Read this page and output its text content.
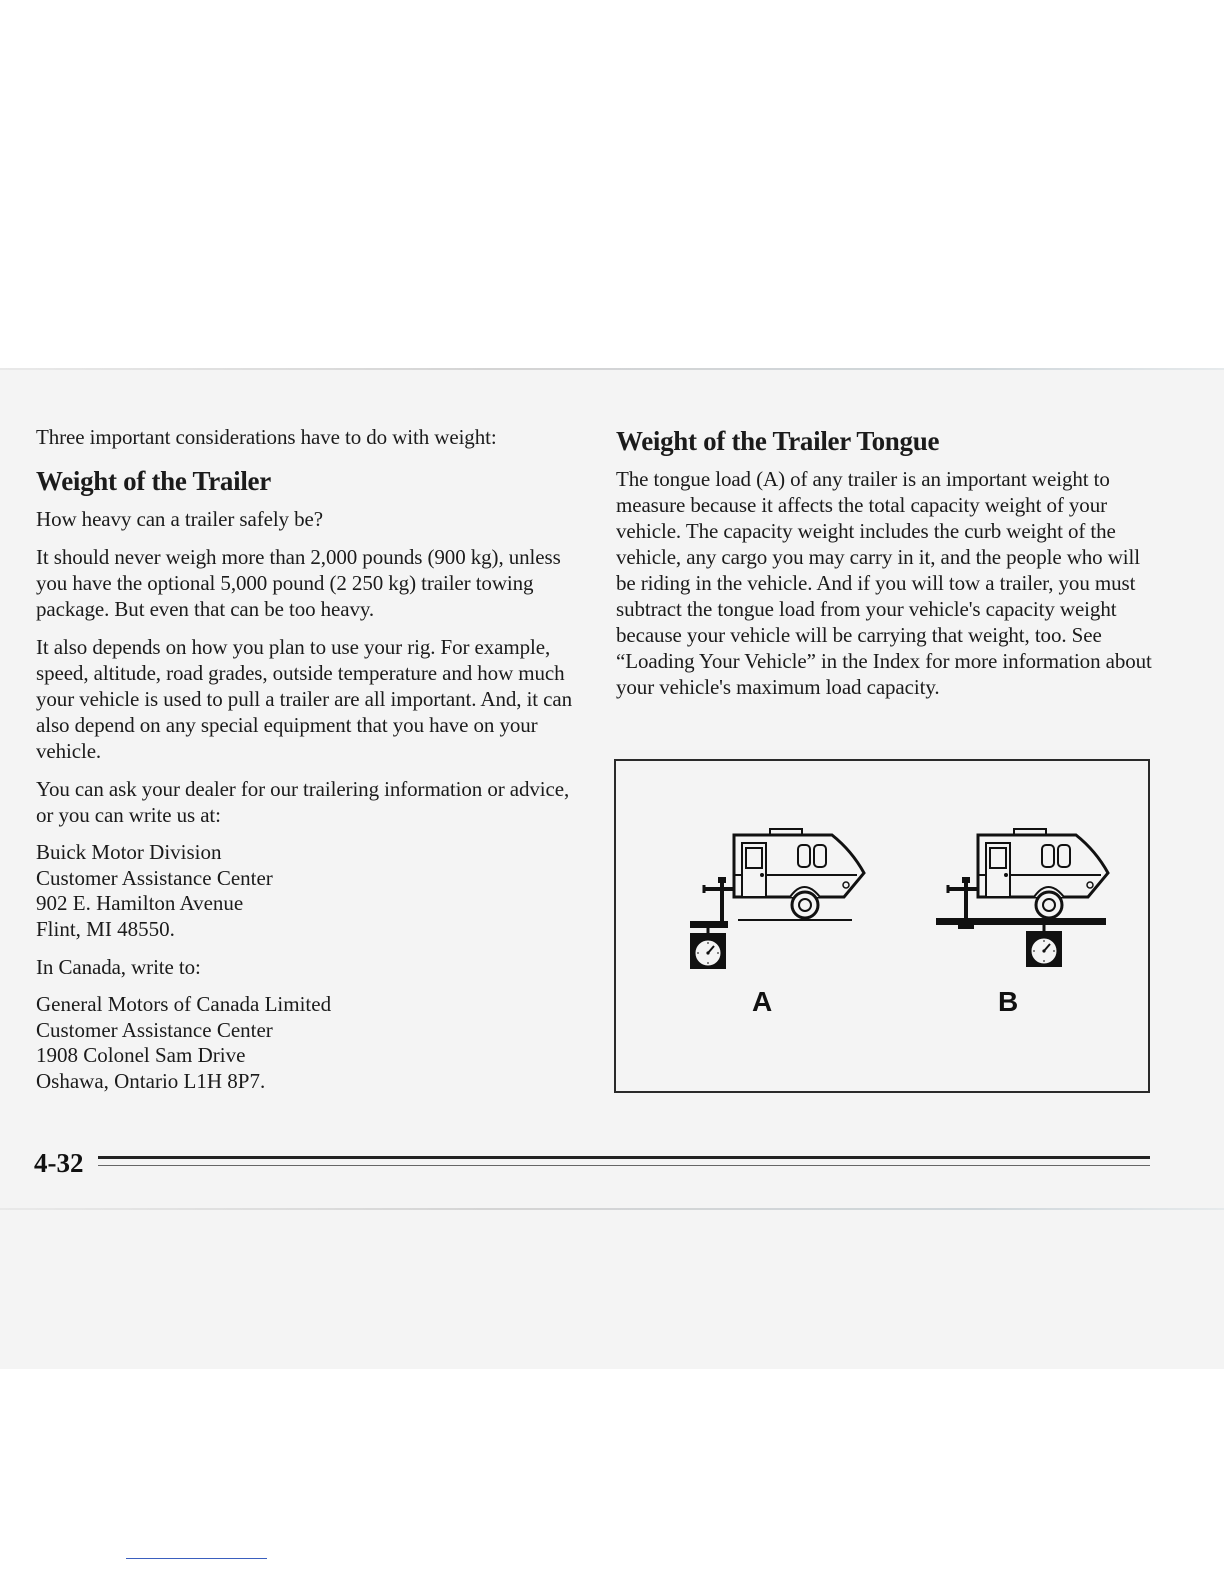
Three important considerations have to do with weight:

Weight of the Trailer

How heavy can a trailer safely be?

It should never weigh more than 2,000 pounds (900 kg), unless you have the optional 5,000 pound (2 250 kg) trailer towing package. But even that can be too heavy.

It also depends on how you plan to use your rig. For example, speed, altitude, road grades, outside temperature and how much your vehicle is used to pull a trailer are all important. And, it can also depend on any special equipment that you have on your vehicle.

You can ask your dealer for our trailering information or advice, or you can write us at:

Buick Motor Division
Customer Assistance Center
902 E. Hamilton Avenue
Flint, MI 48550.

In Canada, write to:

General Motors of Canada Limited
Customer Assistance Center
1908 Colonel Sam Drive
Oshawa, Ontario L1H 8P7.
Weight of the Trailer Tongue

The tongue load (A) of any trailer is an important weight to measure because it affects the total capacity weight of your vehicle. The capacity weight includes the curb weight of the vehicle, any cargo you may carry in it, and the people who will be riding in the vehicle. And if you will tow a trailer, you must subtract the tongue load from your vehicle's capacity weight because your vehicle will be carrying that weight, too. See “Loading Your Vehicle” in the Index for more information about your vehicle's maximum load capacity.

A	B
4-32
